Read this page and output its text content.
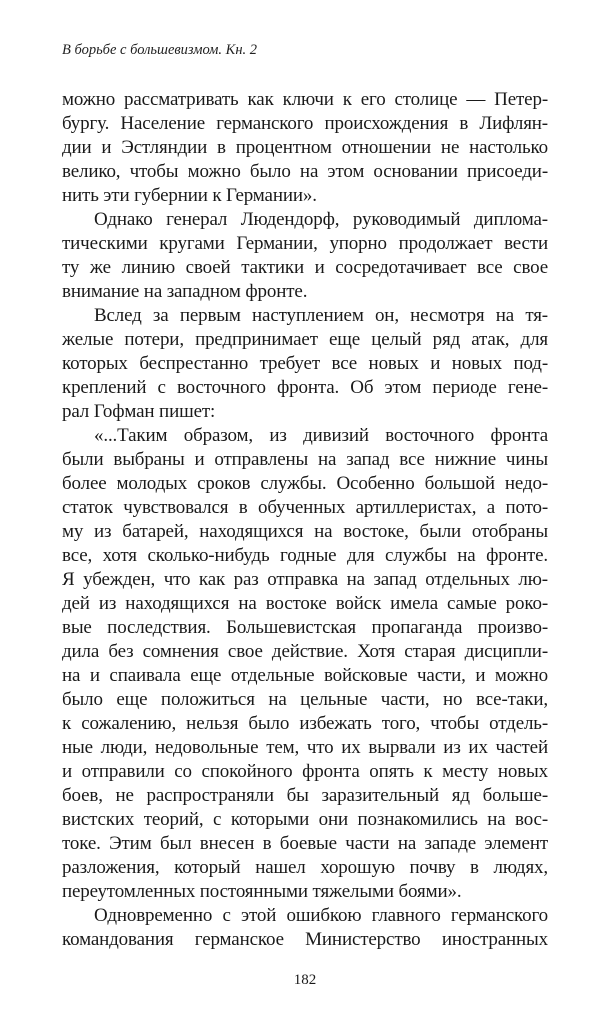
В борьбе с большевизмом. Кн. 2
можно рассматривать как ключи к его столице — Петер-
бургу. Население германского происхождения в Лифлян-
дии и Эстляндии в процентном отношении не настолько
велико, чтобы можно было на этом основании присоеди-
нить эти губернии к Германии».
Однако генерал Людендорф, руководимый диплома-
тическими кругами Германии, упорно продолжает вести
ту же линию своей тактики и сосредотачивает все свое
внимание на западном фронте.
Вслед за первым наступлением он, несмотря на тя-
желые потери, предпринимает еще целый ряд атак, для
которых беспрестанно требует все новых и новых под-
креплений с восточного фронта. Об этом периоде гене-
рал Гофман пишет:
«...Таким образом, из дивизий восточного фронта
были выбраны и отправлены на запад все нижние чины
более молодых сроков службы. Особенно большой недо-
статок чувствовался в обученных артиллеристах, а пото-
му из батарей, находящихся на востоке, были отобраны
все, хотя сколько-нибудь годные для службы на фронте.
Я убежден, что как раз отправка на запад отдельных лю-
дей из находящихся на востоке войск имела самые роко-
вые последствия. Большевистская пропаганда произво-
дила без сомнения свое действие. Хотя старая дисципли-
на и спаивала еще отдельные войсковые части, и можно
было еще положиться на цельные части, но все-таки,
к сожалению, нельзя было избежать того, чтобы отдель-
ные люди, недовольные тем, что их вырвали из их частей
и отправили со спокойного фронта опять к месту новых
боев, не распространяли бы заразительный яд больше-
вистских теорий, с которыми они познакомились на вос-
токе. Этим был внесен в боевые части на западе элемент
разложения, который нашел хорошую почву в людях,
переутомленных постоянными тяжелыми боями».
Одновременно с этой ошибкою главного германского
командования германское Министерство иностранных
182
